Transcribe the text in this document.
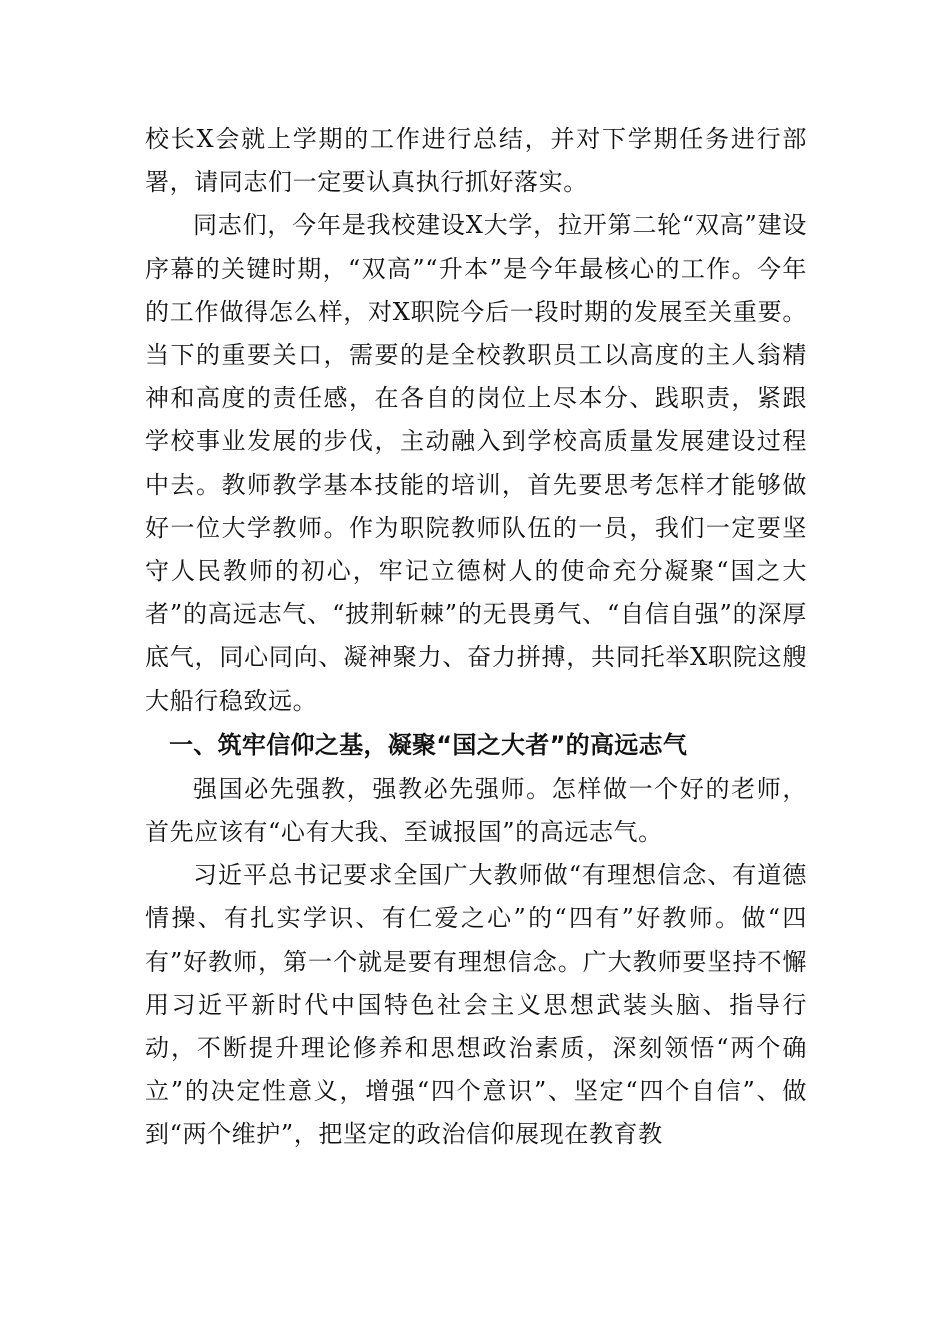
校长X会就上学期的工作进行总结，并对下学期任务进行部署，请同志们一定要认真执行抓好落实。

同志们，今年是我校建设X大学，拉开第二轮“双高”建设序幕的关键时期，“双高”“升本”是今年最核心的工作。今年的工作做得怎么样，对X职院今后一段时期的发展至关重要。当下的重要关口，需要的是全校教职员工以高度的主人翁精神和高度的责任感，在各自的岗位上尽本分、践职责，紧跟学校事业发展的步伐，主动融入到学校高质量发展建设过程中去。教师教学基本技能的培训，首先要思考怎样才能够做好一位大学教师。作为职院教师队伍的一员，我们一定要坚守人民教师的初心，牢记立德树人的使命充分凝聚“国之大者”的高远志气、“披荆斩棘”的无畏勇气、“自信自强”的深厚底气，同心同向、凝神聚力、奋力拼搏，共同托举X职院这艘大船行稳致远。

一、筑牢信仰之基，凝聚“国之大者”的高远志气

强国必先强教，强教必先强师。怎样做一个好的老师，首先应该有“心有大我、至诚报国”的高远志气。

习近平总书记要求全国广大教师做“有理想信念、有道德情操、有扎实学识、有仁爱之心”的“四有”好教师。做“四有”好教师，第一个就是要有理想信念。广大教师要坚持不懈用习近平新时代中国特色社会主义思想武装头脑、指导行动，不断提升理论修养和思想政治素质，深刻领悟“两个确立”的决定性意义，增强“四个意识”、坚定“四个自信”、做到“两个维护”，把坚定的政治信仰展现在教育教
